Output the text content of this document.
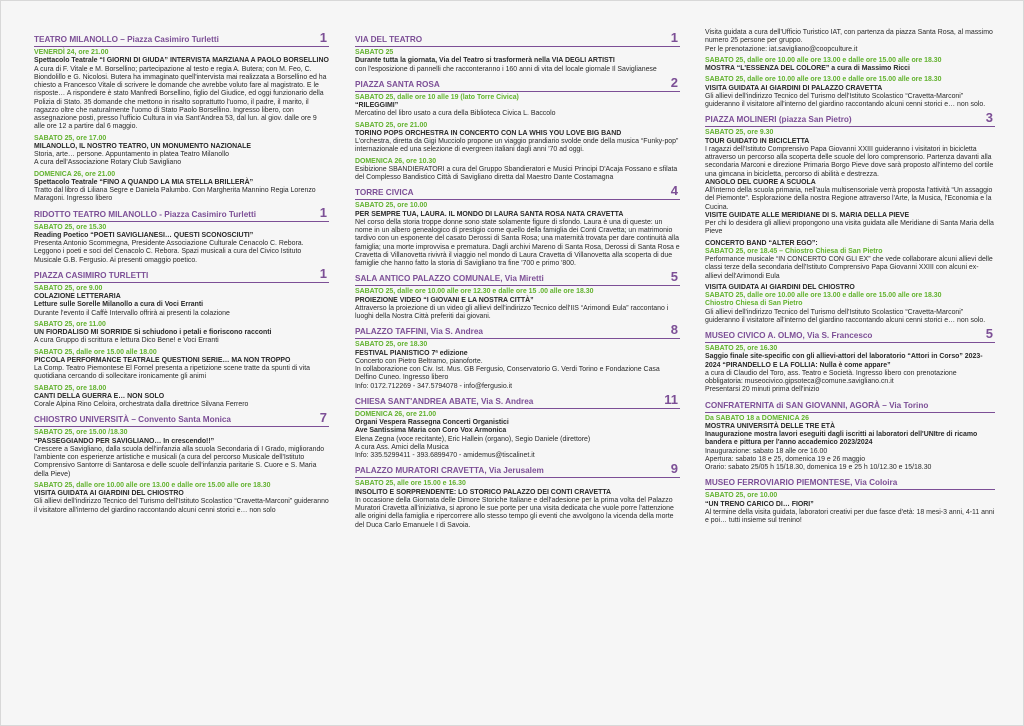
TEATRO MILANOLLO – Piazza Casimiro Turletti	1
VENERDÌ 24, ore 21.00
Spettacolo Teatrale “I GIORNI DI GIUDA” INTERVISTA MARZIANA A PAOLO BORSELLINO
A cura di F. Vitale e M. Borsellino; partecipazione al testo e regia A. Butera; con M. Feo, C. Biondolillo e G. Nicolosi. Butera ha immaginato quell'intervista mai realizzata a Borsellino ed ha chiesto a Francesco Vitale di scrivere le domande che avrebbe voluto fare al magistrato. E le risposte… A rispondere è stato Manfredi Borsellino, figlio del Giudice, ed oggi funzionario della Polizia di Stato. 35 domande che mettono in risalto soprattutto l'uomo, il padre, il marito, il ragazzo oltre che naturalmente l'uomo di Stato Paolo Borsellino. Ingresso libero, con assegnazione posti, presso l'ufficio Cultura in via Sant'Andrea 53, dal lun. al giov. dalle ore 9 alle ore 12 a partire dal 6 maggio.
SABATO 25, ore 17.00
MILANOLLO, IL NOSTRO TEATRO, UN MONUMENTO NAZIONALE
Storia, arte… persone. Appuntamento in platea Teatro Milanollo
A cura dell'Associazione Rotary Club Savigliano
DOMENICA 26, ore 21.00
Spettacolo Teatrale “FINO A QUANDO LA MIA STELLA BRILLERÀ”
Tratto dal libro di Liliana Segre e Daniela Palumbo. Con Margherita Mannino Regia Lorenzo Maragoni. Ingresso libero
RIDOTTO TEATRO MILANOLLO - Piazza Casimiro Turletti	1
SABATO 25, ore 15.30
Reading Poetico “POETI SAVIGLIANESI… QUESTI SCONOSCIUTI”
Presenta Antonio Scommegna, Presidente Associazione Culturale Cenacolo C. Rebora. Leggono i poeti e soci del Cenacolo C. Rebora. Spazi musicali a cura del Civico Istituto Musicale G.B. Fergusio. Ai presenti omaggio poetico.
PIAZZA CASIMIRO TURLETTI	1
SABATO 25, ore 9.00
COLAZIONE LETTERARIA
Letture sulle Sorelle Milanollo a cura di Voci Erranti
Durante l'evento il Caffè Intervallo offrirà ai presenti la colazione
SABATO 25, ore 11.00
UN FIORDALISO MI SORRIDE Si schiudono i petali e fioriscono racconti
A cura Gruppo di scrittura e lettura Dico Bene! e Voci Erranti
SABATO 25, dalle ore 15.00 alle 18.00
PICCOLA PERFORMANCE TEATRALE QUESTIONI SERIE… MA NON TROPPO
La Comp. Teatro Piemontese El Fornel presenta a ripetizione scene tratte da spunti di vita quotidiana cercando di sollecitare ironicamente gli animi
SABATO 25, ore 18.00
CANTI DELLA GUERRA E… NON SOLO
Corale Alpina Rino Celoira, orchestrata dalla direttrice Silvana Ferrero
CHIOSTRO UNIVERSITÀ – Convento Santa Monica	7
SABATO 25, ore 15.00 /18.30
“PASSEGGIANDO PER SAVIGLIANO… In crescendo!!”
Crescere a Savigliano, dalla scuola dell'infanzia alla scuola Secondaria di I Grado, migliorando l'ambiente con esperienze artistiche e musicali (a cura del percorso Musicale dell'Istituto Comprensivo Santorre di Santarosa e delle scuole dell'infanzia paritarie S. Cuore e S. Maria della Pieve)
SABATO 25, dalle ore 10.00 alle ore 13.00 e dalle ore 15.00 alle ore 18.30
VISITA GUIDATA AI GIARDINI DEL CHIOSTRO
Gli allievi dell'indirizzo Tecnico del Turismo dell'Istituto Scolastico “Cravetta-Marconi” guideranno il visitatore all'interno del giardino raccontando alcuni cenni storici e… non solo
VIA DEL TEATRO	1
SABATO 25
Durante tutta la giornata, Via del Teatro si trasformerà nella VIA DEGLI ARTISTI
con l'esposizione di pannelli che racconteranno i 160 anni di vita del locale giornale Il Saviglianese
PIAZZA SANTA ROSA	2
SABATO 25, dalle ore 10 alle 19 (lato Torre Civica)
“RILEGGIMI”
Mercatino del libro usato a cura della Biblioteca Civica L. Baccolo
SABATO 25, ore 21.00
TORINO POPS ORCHESTRA IN CONCERTO CON LA WHIS YOU LOVE BIG BAND
L'orchestra, diretta da Gigi Mucciolo propone un viaggio prandiario svolde onde della musica “Funky-pop” internazionale ed una selezione di evergreen italiani dagli anni '70 ad oggi.
DOMENICA 26, ore 10.30
Esibizione SBANDIERATORI a cura del Gruppo Sbandieratori e Musici Principi D'Acaja Fossano e sfilata del Complesso Bandistico Città di Savigliano diretta dal Maestro Dante Costamagna
TORRE CIVICA	4
SABATO 25, ore 10.00
PER SEMPRE TUA, LAURA. IL MONDO DI LAURA SANTA ROSA NATA CRAVETTA
Nel corso della storia troppe donne sono state solamente figure di sfondo. Laura è una di queste: un nome in un albero genealogico di prestigio come quello della famiglia dei Conti Cravetta; un matrimonio tardivo con un esponente del casato Derossi di Santa Rosa; una maternità trovata per dare continuità alla famiglia; una morte improvvisa e prematura. Dagli archivi Mareno di Santa Rosa, Derossi di Santa Rosa e Cravetta di Villanovetta rivivrà il viaggio nel mondo di Laura Cravetta di Villanovetta alla scoperta di due famiglie che hanno fatto la storia di Savigliano tra fine '700 e primo '800.
SALA ANTICO PALAZZO COMUNALE, Via Miretti	5
SABATO 25, dalle ore 10.00 alle ore 12.30 e dalle ore 15 .00 alle ore 18.30
PROIEZIONE VIDEO “I GIOVANI E LA NOSTRA CITTÀ”
Attraverso la proiezione di un video gli allievi dell'indirizzo Tecnico dell'IIS “Arimondi Eula” raccontano i luoghi della Nostra Città preferiti dai giovani.
PALAZZO TAFFINI, Via S. Andrea	8
SABATO 25, ore 18.30
FESTIVAL PIANISTICO 7ª edizione
Concerto con Pietro Beltramo, pianoforte.
In collaborazione con Civ. Ist. Mus. GB Fergusio, Conservatorio G. Verdi Torino e Fondazione Casa Delfino Cuneo. Ingresso libero
Info: 0172.712269 - 347.5794078 - info@fergusio.it
CHIESA SANT'ANDREA ABATE, Via S. Andrea	11
DOMENICA 26, ore 21.00
Organi Vespera Rassegna Concerti Organistici
Ave Santissima Maria con Coro Vox Armonica
Elena Zegna (voce recitante), Eric Hallein (organo), Segio Daniele (direttore)
A cura Ass. Amici della Musica
Info: 335.5299411 - 393.6899470 - amidemus@tiscalinet.it
PALAZZO MURATORI CRAVETTA, Via Jerusalem	9
SABATO 25, alle ore 15.00 e 16.30
INSOLITO E SORPRENDENTE: LO STORICO PALAZZO DEI CONTI CRAVETTA
In occasione della Giornata delle Dimore Storiche Italiane e dell'adesione per la prima volta del Palazzo Muratori Cravetta all'iniziativa, si aprono le sue porte per una visita dedicata che vuole porre l'attenzione alle origini della famiglia e ripercorrere allo stesso tempo gli eventi che avvolgono la vicenda della morte del Duca Carlo Emanuele I di Savoia.
Visita guidata a cura dell'Ufficio Turistico IAT, con partenza da piazza Santa Rosa, al massimo numero 25 persone per gruppo.
Per le prenotazione: iat.savigliano@coopculture.it
SABATO 25, dalle ore 10.00 alle ore 13.00 e dalle ore 15.00 alle ore 18.30
MOSTRA “L'ESSENZA DEL COLORE” a cura di Massimo Ricci
SABATO 25, dalle ore 10.00 alle ore 13.00 e dalle ore 15.00 alle ore 18.30
VISITA GUIDATA AI GIARDINI DI PALAZZO CRAVETTA
Gli allievi dell'indirizzo Tecnico del Turismo dell'Istituto Scolastico “Cravetta-Marconi” guideranno il visitatore all'interno del giardino raccontando alcuni cenni storici e… non solo.
PIAZZA MOLINERI (piazza San Pietro)	3
SABATO 25, ore 9.30
TOUR GUIDATO IN BICICLETTA
I ragazzi dell'Istituto Comprensivo Papa Giovanni XXIII guideranno i visitatori in bicicletta attraverso un percorso alla scoperta delle scuole del loro comprensorio. Partenza davanti alla secondaria Marconi e direzione Primaria Borgo Pieve dove sarà proposto all'interno del cortile una gimcana in bicicletta, percorso di abilità e destrezza.
ANGOLO DEL CUORE A SCUOLA
All'interno della scuola primaria, nell'aula multisensoriale verrà proposta l'attività “Un assaggio del Piemonte”. Esplorazione della nostra Regione attraverso l'Arte, la Musica, l'Economia e la Cucina.
VISITE GUIDATE ALLE MERIDIANE DI S. MARIA DELLA PIEVE
Per chi lo desidera gli allievi propongono una visita guidata alle Meridiane di Santa Maria della Pieve
CONCERTO BAND “ALTER EGO”:
SABATO 25, ore 18.45 – Chiostro Chiesa di San Pietro
Performance musicale “IN CONCERTO CON GLI EX” che vede collaborare alcuni allievi delle classi terze della secondaria dell'Istituto Comprensivo Papa Giovanni XXIII con alcuni ex-allievi dell'Arimondi Eula
VISITA GUIDATA AI GIARDINI DEL CHIOSTRO
SABATO 25, dalle ore 10.00 alle ore 13.00 e dalle ore 15.00 alle ore 18.30
Chiostro Chiesa di San Pietro
Gli allievi dell'indirizzo Tecnico del Turismo dell'Istituto Scolastico “Cravetta-Marconi” guideranno il visitatore all'interno del giardino raccontando alcuni cenni storici e… non solo.
MUSEO CIVICO A. OLMO, Via S. Francesco	5
SABATO 25, ore 16.30
Saggio finale site-specific con gli allievi-attori del laboratorio “Attori in Corso” 2023-2024 “PIRANDELLO E LA FOLLIA: Nulla è come appare”
a cura di Claudio del Toro, ass. Teatro e Società. Ingresso libero con prenotazione obbligatoria: museocivico.gipsoteca@comune.savigliano.cn.it
Presentarsi 20 minuti prima dell'inizio
CONFRATERNITA di SAN GIOVANNI, AGORÀ – Via Torino
Da SABATO 18 a DOMENICA 26
MOSTRA UNIVERSITÀ DELLE TRE ETÀ
Inaugurazione mostra lavori eseguiti dagli iscritti ai laboratori dell'UNItre di ricamo bandera e pittura per l'anno accademico 2023/2024
Inaugurazione: sabato 18 alle ore 16.00
Apertura: sabato 18 e 25, domenica 19 e 26 maggio
Orario: sabato 25/05 h 15/18.30, domenica 19 e 25 h 10/12.30 e 15/18.30
MUSEO FERROVIARIO PIEMONTESE, Via Coloira
SABATO 25, ore 10.00
“UN TRENO CARICO DI… FIORI”
Al termine della visita guidata, laboratori creativi per due fasce d'età: 18 mesi-3 anni, 4-11 anni e poi… tutti insieme sul trenino!
